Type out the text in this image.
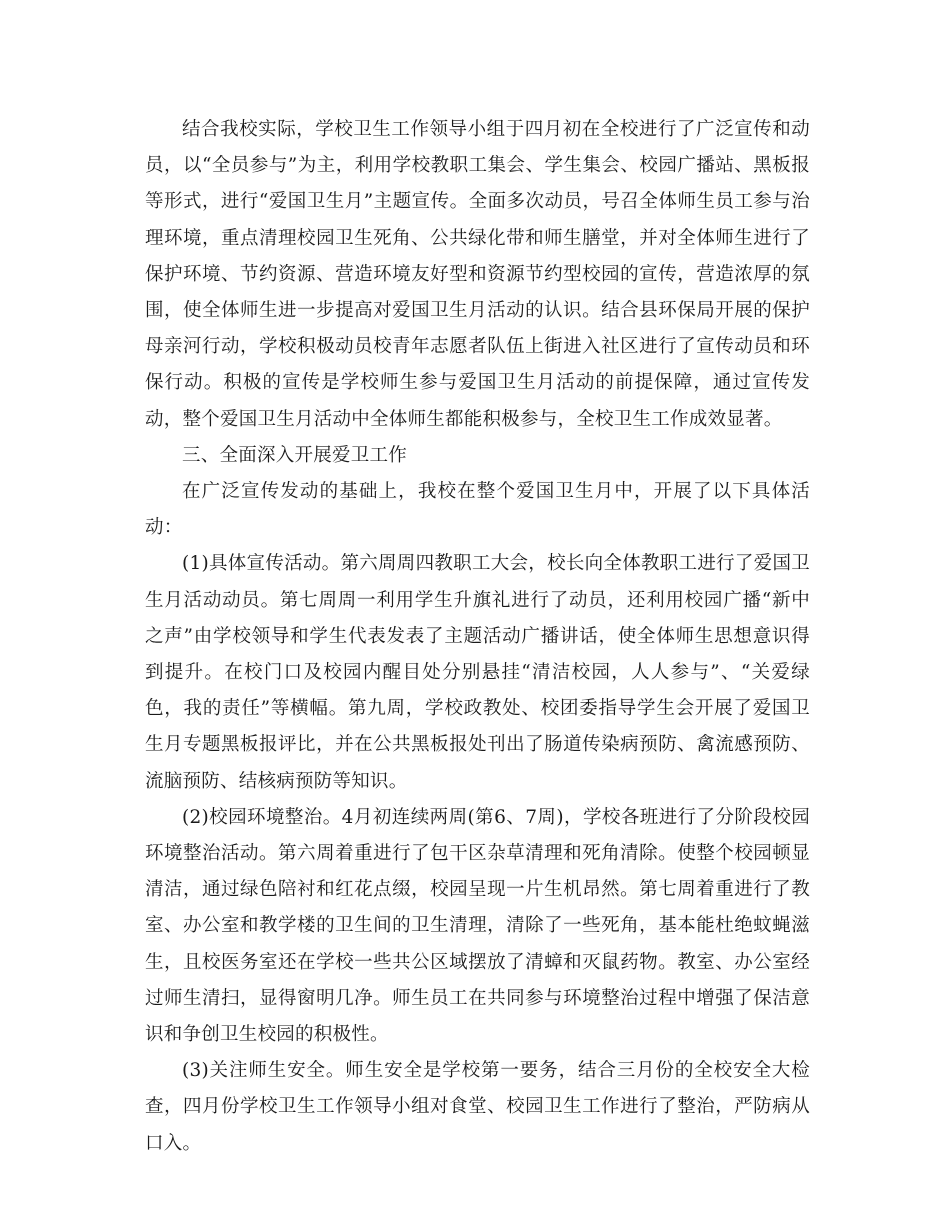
结合我校实际，学校卫生工作领导小组于四月初在全校进行了广泛宣传和动员，以“全员参与”为主，利用学校教职工集会、学生集会、校园广播站、黑板报等形式，进行“爱国卫生月”主题宣传。全面多次动员，号召全体师生员工参与治理环境，重点清理校园卫生死角、公共绿化带和师生膳堂，并对全体师生进行了保护环境、节约资源、营造环境友好型和资源节约型校园的宣传，营造浓厚的氛围，使全体师生进一步提高对爱国卫生月活动的认识。结合县环保局开展的保护母亲河行动，学校积极动员校青年志愿者队伍上街进入社区进行了宣传动员和环保行动。积极的宣传是学校师生参与爱国卫生月活动的前提保障，通过宣传发动，整个爱国卫生月活动中全体师生都能积极参与，全校卫生工作成效显著。

三、全面深入开展爱卫工作

在广泛宣传发动的基础上，我校在整个爱国卫生月中，开展了以下具体活动：

(1)具体宣传活动。第六周周四教职工大会，校长向全体教职工进行了爱国卫生月活动动员。第七周周一利用学生升旗礼进行了动员，还利用校园广播“新中之声”由学校领导和学生代表发表了主题活动广播讲话，使全体师生思想意识得到提升。在校门口及校园内醒目处分别悬挂“清洁校园，人人参与”、“关爱绿色，我的责任”等横幅。第九周，学校政教处、校团委指导学生会开展了爱国卫生月专题黑板报评比，并在公共黑板报处刊出了肠道传染病预防、禽流感预防、流脑预防、结核病预防等知识。

(2)校园环境整治。4月初连续两周(第6、7周)，学校各班进行了分阶段校园环境整治活动。第六周着重进行了包干区杂草清理和死角清除。使整个校园顿显清洁，通过绿色陪衬和红花点缀，校园呈现一片生机昂然。第七周着重进行了教室、办公室和教学楼的卫生间的卫生清理，清除了一些死角，基本能杜绝蚊蝇滋生，且校医务室还在学校一些共公区域摆放了清蟑和灭鼠药物。教室、办公室经过师生清扫，显得窗明几净。师生员工在共同参与环境整治过程中增强了保洁意识和争创卫生校园的积极性。

(3)关注师生安全。师生安全是学校第一要务，结合三月份的全校安全大检查，四月份学校卫生工作领导小组对食堂、校园卫生工作进行了整治，严防病从口入。
